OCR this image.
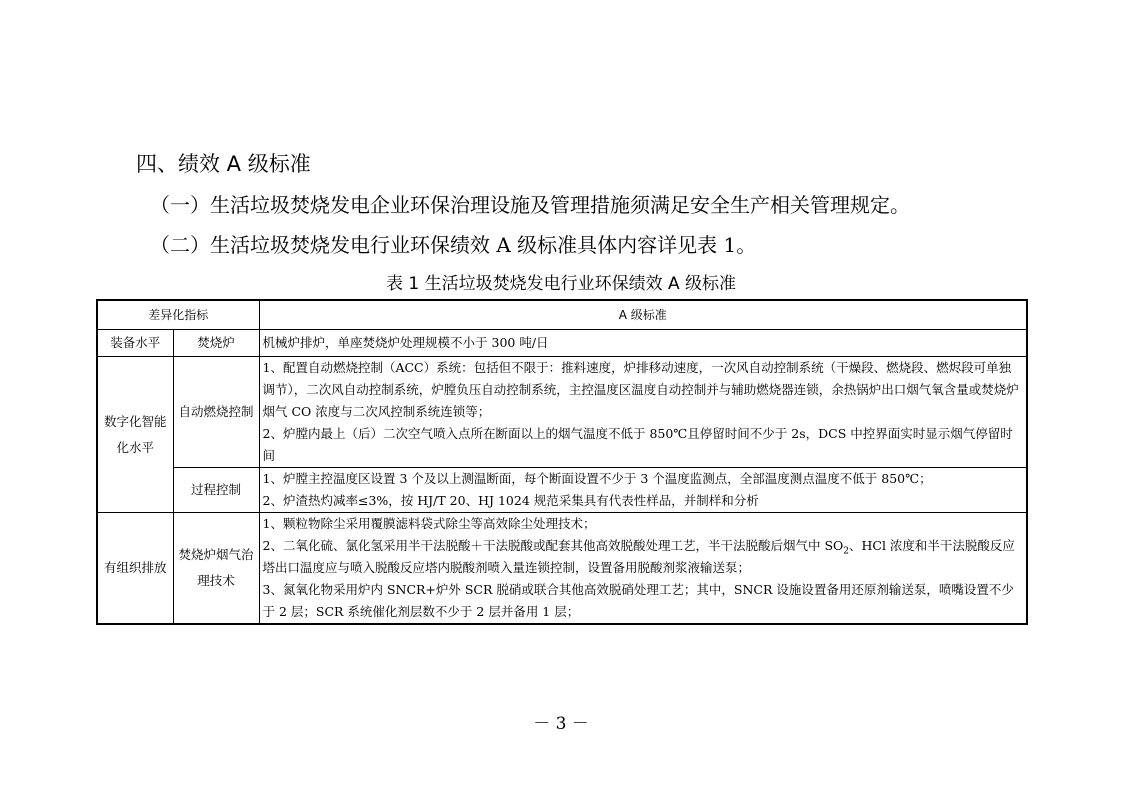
四、绩效 A 级标准
（一）生活垃圾焚烧发电企业环保治理设施及管理措施须满足安全生产相关管理规定。
（二）生活垃圾焚烧发电行业环保绩效 A 级标准具体内容详见表 1。
表 1 生活垃圾焚烧发电行业环保绩效 A 级标准
差异化指标		A 级标准
装备水平	焚烧炉	机械炉排炉，单座焚烧炉处理规模不小于 300 吨/日
数字化智能化水平	自动燃烧控制	1、配置自动燃烧控制（ACC）系统：包括但不限于：推料速度，炉排移动速度，一次风自动控制系统（干燥段、燃烧段、燃烬段可单独调节），二次风自动控制系统，炉膛负压自动控制系统，主控温度区温度自动控制并与辅助燃烧器连锁，余热锅炉出口烟气氧含量或焚烧炉烟气 CO 浓度与二次风控制系统连锁等；
2、炉膛内最上（后）二次空气喷入点所在断面以上的烟气温度不低于 850℃且停留时间不少于 2s，DCS 中控界面实时显示烟气停留时间

	过程控制	1、炉膛主控温度区设置 3 个及以上测温断面，每个断面设置不少于 3 个温度监测点，全部温度测点温度不低于 850℃；
2、炉渣热灼减率≤3%，按 HJ/T 20、HJ 1024 规范采集具有代表性样品，并制样和分析

有组织排放	焚烧炉烟气治理技术	1、颗粒物除尘采用覆膜滤料袋式除尘等高效除尘处理技术；
2、二氧化硫、氯化氢采用半干法脱酸＋干法脱酸或配套其他高效脱酸处理工艺，半干法脱酸后烟气中 $SO_2$、HCl 浓度和半干法脱酸反应塔出口温度应与喷入脱酸反应塔内脱酸剂喷入量连锁控制，设置备用脱酸剂浆液输送泵；
3、氮氧化物采用炉内 SNCR+炉外 SCR 脱硝或联合其他高效脱硝处理工艺；其中，SNCR 设施设置备用还原剂输送泵，喷嘴设置不少于 2 层；SCR 系统催化剂层数不少于 2 层并备用 1 层；
－ 3 －
